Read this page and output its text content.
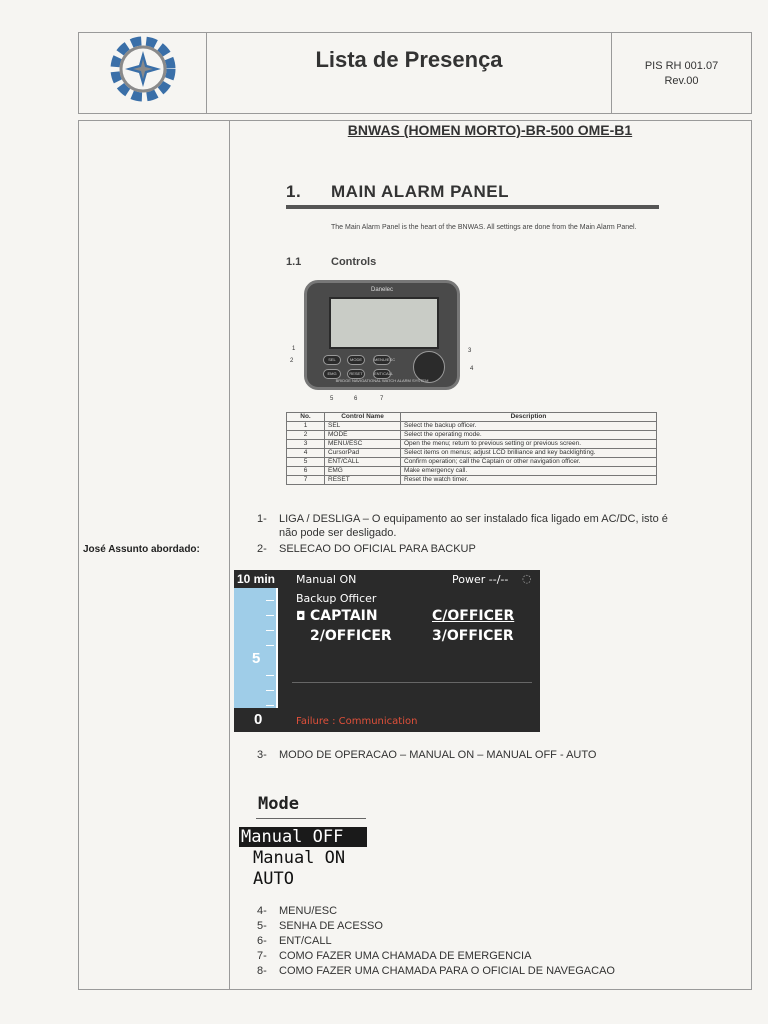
Lista de Presença	PIS RH 001.07
Rev.00
José Assunto abordado:
BNWAS (HOMEN MORTO)-BR-500 OME-B1
1. MAIN ALARM PANEL
The Main Alarm Panel is the heart of the BNWAS. All settings are done from the Main Alarm Panel.
1.1	Controls
Danelec
SEL	MODE	MENU/ESC
EMG	RESET	ENT/CALL
BRIDGE NAVIGATIONAL WATCH ALARM SYSTEM
1
2
3
4
5	6	7
No.	Control Name	Description
1	SEL	Select the backup officer.
2	MODE	Select the operating mode.
3	MENU/ESC	Open the menu; return to previous setting or previous screen.
4	CursorPad	Select items on menus; adjust LCD brilliance and key backlighting.
5	ENT/CALL	Confirm operation; call the Captain or other navigation officer.
6	EMG	Make emergency call.
7	RESET	Reset the watch timer.
1- LIGA / DESLIGA – O equipamento ao ser instalado fica ligado em AC/DC, isto é
não pode ser desligado.
2- SELECAO DO OFICIAL PARA BACKUP
5
10 min
0
Manual ON	Power --/-- ◌
Backup Officer
◘ CAPTAIN	C/OFFICER
2/OFFICER	3/OFFICER
Failure : Communication
3- MODO DE OPERACAO – MANUAL ON – MANUAL OFF - AUTO
Mode
Manual OFF
Manual ON
AUTO
4- MENU/ESC
5- SENHA DE ACESSO
6- ENT/CALL
7- COMO FAZER UMA CHAMADA DE EMERGENCIA
8- COMO FAZER UMA CHAMADA PARA O OFICIAL DE NAVEGACAO
